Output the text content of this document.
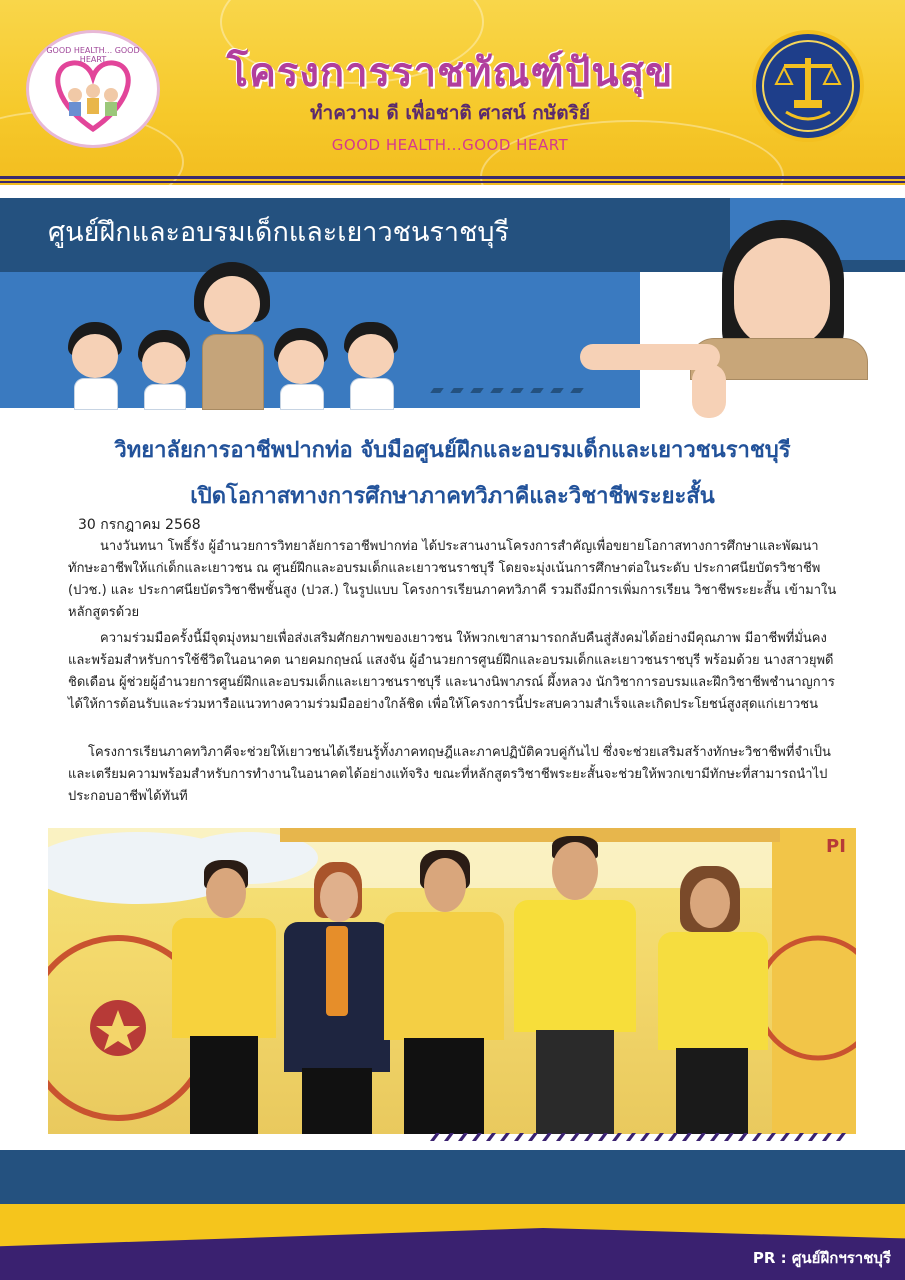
GOOD HEALTH... GOOD HEART	โครงการราชทัณฑ์ปันสุข
ทำความ ดี เพื่อชาติ ศาสน์ กษัตริย์
GOOD HEALTH...GOOD HEART
ศูนย์ฝึกและอบรมเด็กและเยาวชนราชบุรี
วิทยาลัยการอาชีพปากท่อ จับมือศูนย์ฝึกและอบรมเด็กและเยาวชนราชบุรี
เปิดโอกาสทางการศึกษาภาคทวิภาคีและวิชาชีพระยะสั้น
30 กรกฎาคม 2568

นางวันทนา โพธิ์รัง ผู้อำนวยการวิทยาลัยการอาชีพปากท่อ ได้ประสานงานโครงการสำคัญเพื่อขยายโอกาสทางการศึกษาและพัฒนาทักษะอาชีพให้แก่เด็กและเยาวชน ณ ศูนย์ฝึกและอบรมเด็กและเยาวชนราชบุรี โดยจะมุ่งเน้นการศึกษาต่อในระดับ ประกาศนียบัตรวิชาชีพ (ปวช.) และ ประกาศนียบัตรวิชาชีพชั้นสูง (ปวส.) ในรูปแบบ โครงการเรียนภาคทวิภาคี รวมถึงมีการเพิ่มการเรียน วิชาชีพระยะสั้น เข้ามาในหลักสูตรด้วย

ความร่วมมือครั้งนี้มีจุดมุ่งหมายเพื่อส่งเสริมศักยภาพของเยาวชน ให้พวกเขาสามารถกลับคืนสู่สังคมได้อย่างมีคุณภาพ มีอาชีพที่มั่นคง และพร้อมสำหรับการใช้ชีวิตในอนาคต นายคมกฤษณ์ แสงจัน ผู้อำนวยการศูนย์ฝึกและอบรมเด็กและเยาวชนราชบุรี พร้อมด้วย นางสาวยุพดี ชิดเดือน ผู้ช่วยผู้อำนวยการศูนย์ฝึกและอบรมเด็กและเยาวชนราชบุรี และนางนิพาภรณ์ ผึ้งหลวง นักวิชาการอบรมและฝึกวิชาชีพชำนาญการ ได้ให้การต้อนรับและร่วมหารือแนวทางความร่วมมืออย่างใกล้ชิด เพื่อให้โครงการนี้ประสบความสำเร็จและเกิดประโยชน์สูงสุดแก่เยาวชน

โครงการเรียนภาคทวิภาคีจะช่วยให้เยาวชนได้เรียนรู้ทั้งภาคทฤษฎีและภาคปฏิบัติควบคู่กันไป ซึ่งจะช่วยเสริมสร้างทักษะวิชาชีพที่จำเป็นและเตรียมความพร้อมสำหรับการทำงานในอนาคตได้อย่างแท้จริง ขณะที่หลักสูตรวิชาชีพระยะสั้นจะช่วยให้พวกเขามีทักษะที่สามารถนำไปประกอบอาชีพได้ทันที

PI
PR : ศูนย์ฝึกฯราชบุรี
